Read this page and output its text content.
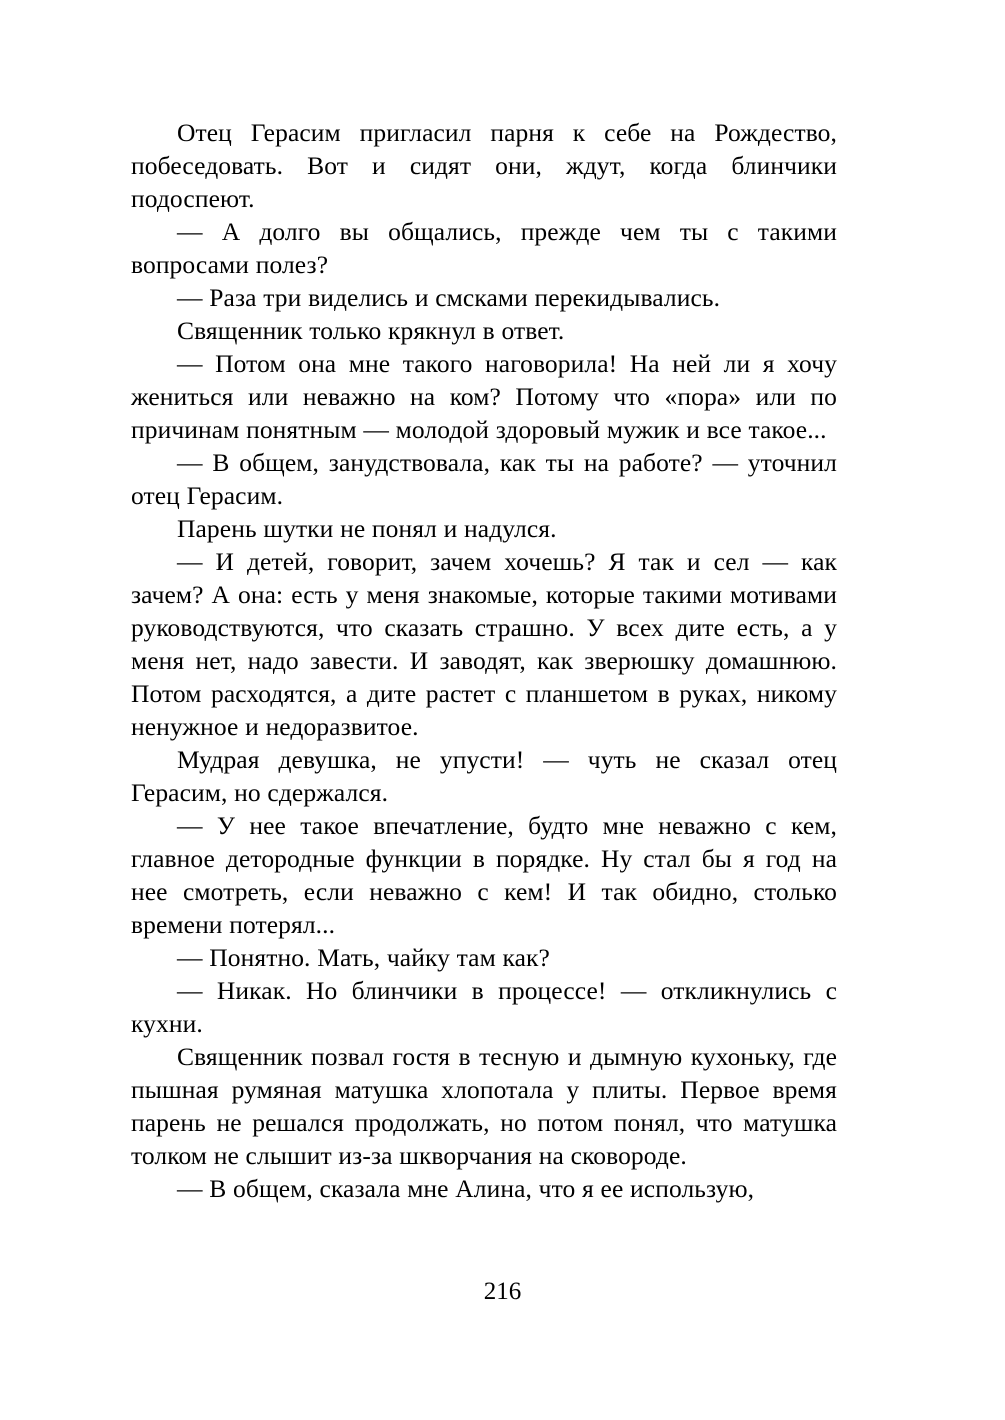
Отец Герасим пригласил парня к себе на Рождество, побеседовать. Вот и сидят они, ждут, когда блинчики подоспеют.

— А долго вы общались, прежде чем ты с такими вопросами полез?

— Раза три виделись и смсками перекидывались.

Священник только крякнул в ответ.

— Потом она мне такого наговорила! На ней ли я хочу жениться или неважно на ком? Потому что «пора» или по причинам понятным — молодой здоровый мужик и все такое...

— В общем, занудствовала, как ты на работе? — уточнил отец Герасим.

Парень шутки не понял и надулся.

— И детей, говорит, зачем хочешь? Я так и сел — как зачем? А она: есть у меня знакомые, которые такими мотивами руководствуются, что сказать страшно. У всех дите есть, а у меня нет, надо завести. И заводят, как зверюшку домашнюю. Потом расходятся, а дите растет с планшетом в руках, никому ненужное и недоразвитое.

Мудрая девушка, не упусти! — чуть не сказал отец Герасим, но сдержался.

— У нее такое впечатление, будто мне неважно с кем, главное детородные функции в порядке. Ну стал бы я год на нее смотреть, если неважно с кем! И так обидно, столько времени потерял...

— Понятно. Мать, чайку там как?

— Никак. Но блинчики в процессе! — откликнулись с кухни.

Священник позвал гостя в тесную и дымную кухоньку, где пышная румяная матушка хлопотала у плиты. Первое время парень не решался продолжать, но потом понял, что матушка толком не слышит из-за шкворчания на сковороде.

— В общем, сказала мне Алина, что я ее использую,

216
